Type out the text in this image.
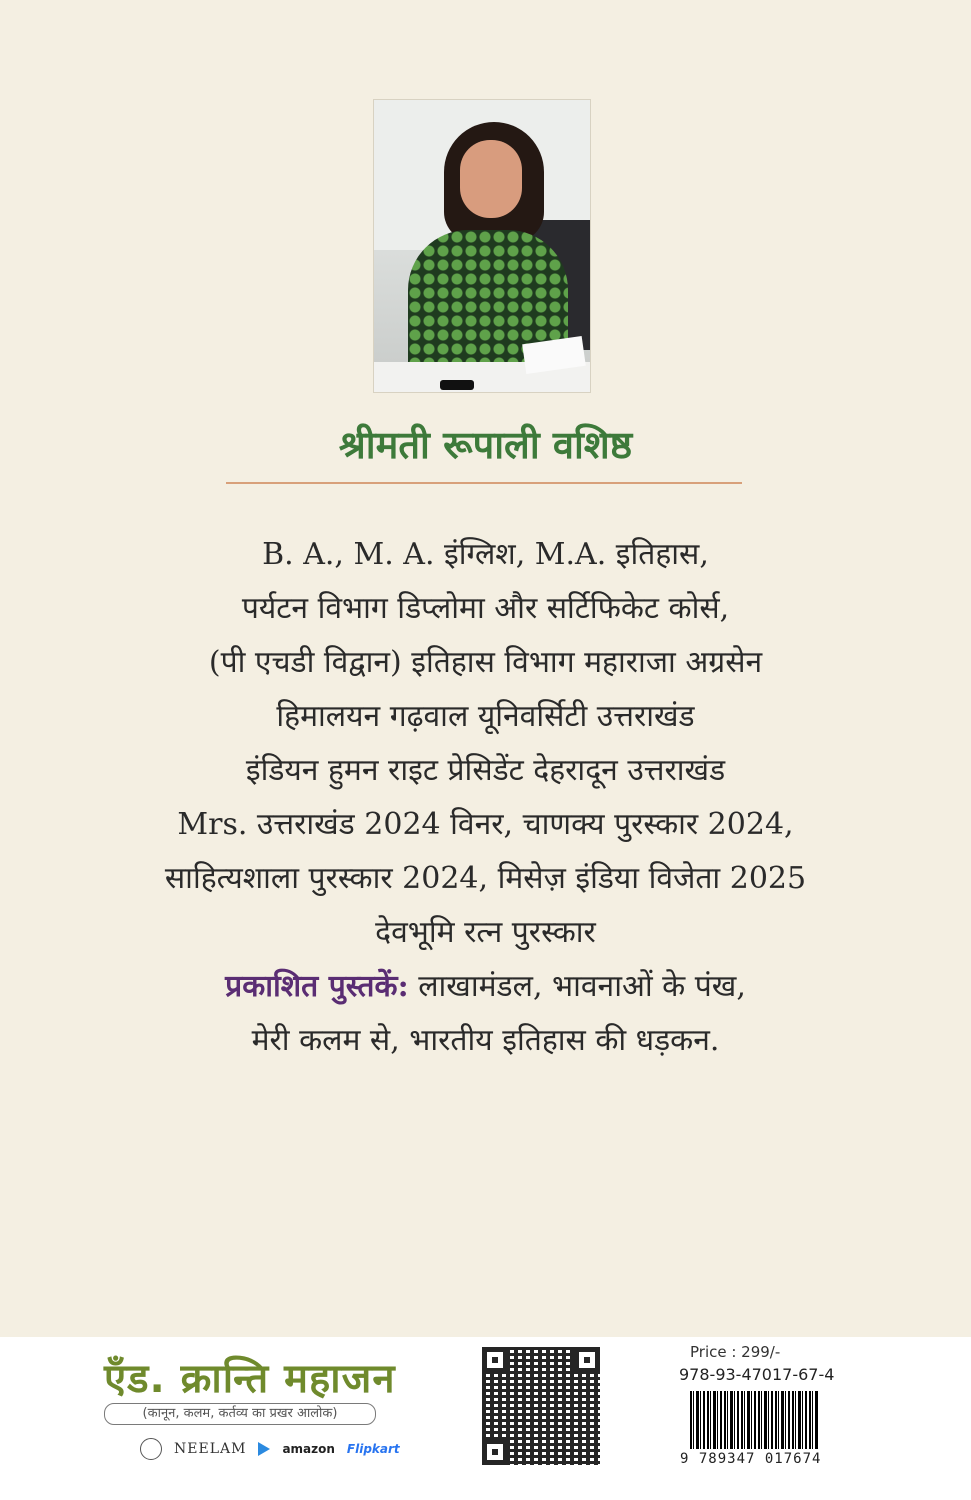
श्रीमती रूपाली वशिष्ठ
B. A., M. A. इंग्लिश, M.A. इतिहास,
पर्यटन विभाग डिप्लोमा और सर्टिफिकेट कोर्स,
(पी एचडी विद्वान) इतिहास विभाग महाराजा अग्रसेन
हिमालयन गढ़वाल यूनिवर्सिटी उत्तराखंड
इंडियन हुमन राइट प्रेसिडेंट देहरादून उत्तराखंड
Mrs. उत्तराखंड 2024 विनर, चाणक्य पुरस्कार 2024,
साहित्यशाला पुरस्कार 2024, मिसेज़ इंडिया विजेता 2025
देवभूमि रत्न पुरस्कार
प्रकाशित पुस्तकें: लाखामंडल, भावनाओं के पंख,
मेरी कलम से, भारतीय इतिहास की धड़कन.
एँड. क्रान्ति महाजन
(कानून, कलम, कर्तव्य का प्रखर आलोक)
NEELAM	amazon Flipkart
Price : 299/-
978-93-47017-67-4
9 789347 017674
